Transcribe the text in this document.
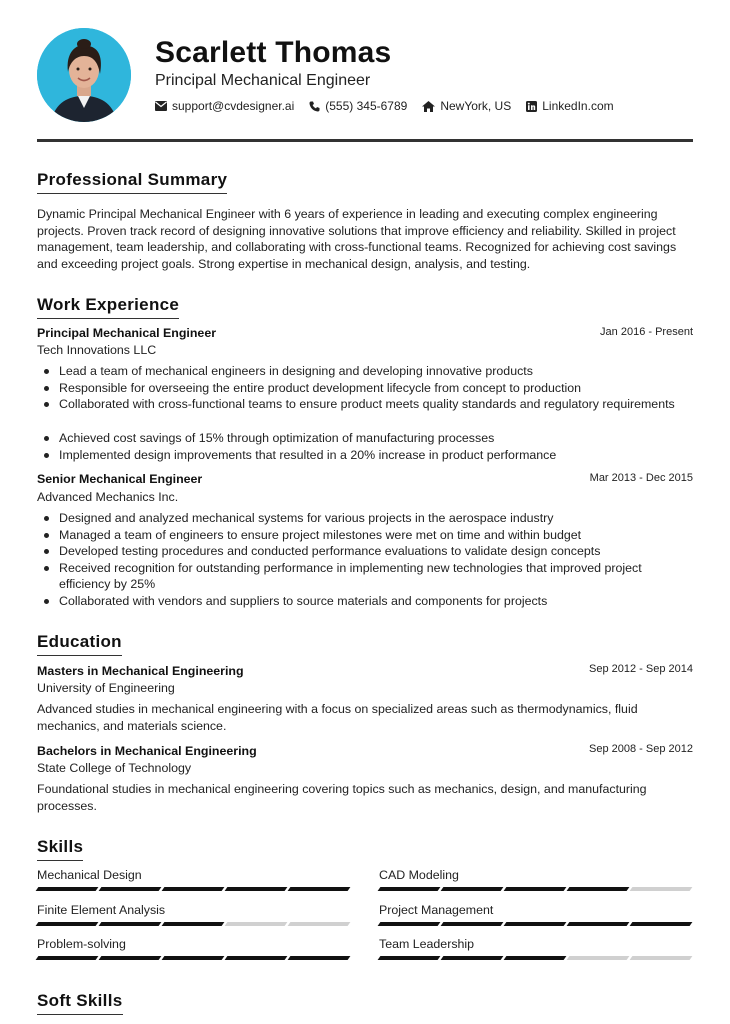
Scarlett Thomas
Principal Mechanical Engineer
support@cvdesigner.ai	(555) 345-6789	NewYork, US	LinkedIn.com
Professional Summary
Dynamic Principal Mechanical Engineer with 6 years of experience in leading and executing complex engineering projects. Proven track record of designing innovative solutions that improve efficiency and reliability. Skilled in project management, team leadership, and collaborating with cross-functional teams. Recognized for achieving cost savings and exceeding project goals. Strong expertise in mechanical design, analysis, and testing.
Work Experience
Principal Mechanical Engineer	Jan 2016 - Present
Tech Innovations LLC
Lead a team of mechanical engineers in designing and developing innovative products
Responsible for overseeing the entire product development lifecycle from concept to production
Collaborated with cross-functional teams to ensure product meets quality standards and regulatory requirements
Achieved cost savings of 15% through optimization of manufacturing processes
Implemented design improvements that resulted in a 20% increase in product performance
Senior Mechanical Engineer	Mar 2013 - Dec 2015
Advanced Mechanics Inc.
Designed and analyzed mechanical systems for various projects in the aerospace industry
Managed a team of engineers to ensure project milestones were met on time and within budget
Developed testing procedures and conducted performance evaluations to validate design concepts
Received recognition for outstanding performance in implementing new technologies that improved project efficiency by 25%
Collaborated with vendors and suppliers to source materials and components for projects
Education
Masters in Mechanical Engineering	Sep 2012 - Sep 2014
University of Engineering
Advanced studies in mechanical engineering with a focus on specialized areas such as thermodynamics, fluid mechanics, and materials science.
Bachelors in Mechanical Engineering	Sep 2008 - Sep 2012
State College of Technology
Foundational studies in mechanical engineering covering topics such as mechanics, design, and manufacturing processes.
Skills
Mechanical Design	CAD Modeling
Finite Element Analysis	Project Management
Problem-solving	Team Leadership
Soft Skills
